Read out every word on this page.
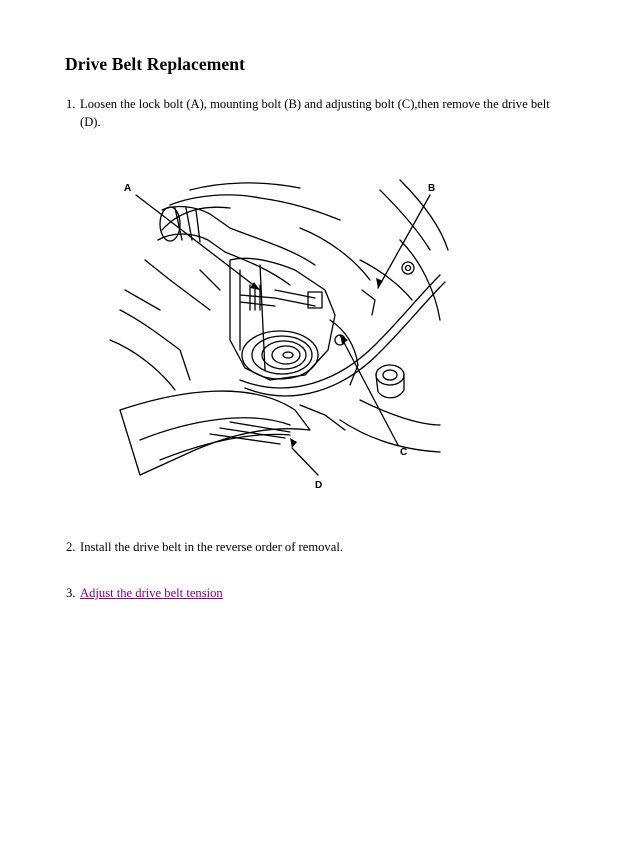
Drive Belt Replacement

1. Loosen the lock bolt (A), mounting bolt (B) and adjusting bolt (C),then remove the drive belt
(D).

A	B
C
D

2. Install the drive belt in the reverse order of removal.

3. Adjust the drive belt tension
